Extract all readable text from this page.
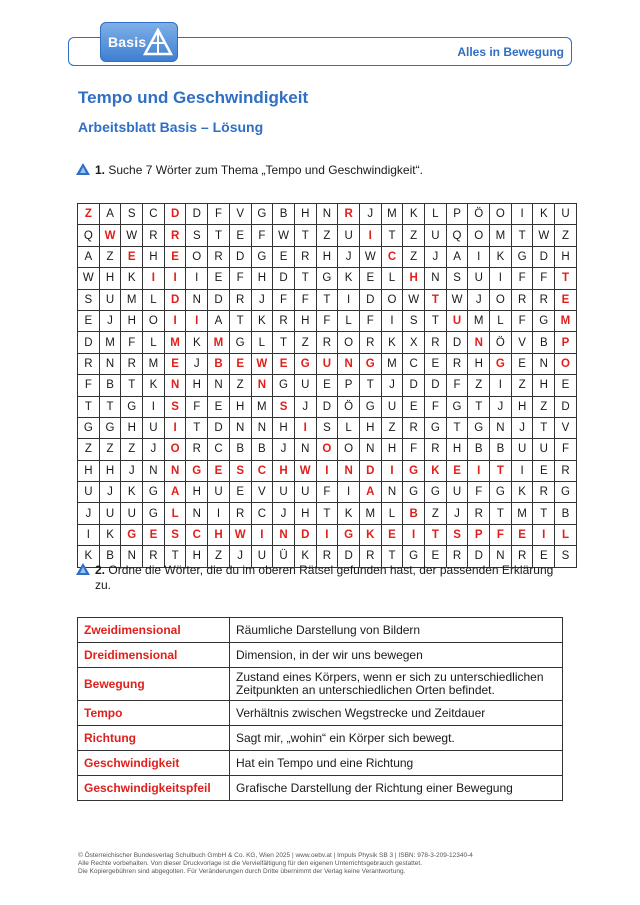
Basis
Alles in Bewegung
Tempo und Geschwindigkeit
Arbeitsblatt Basis – Lösung
1. Suche 7 Wörter zum Thema „Tempo und Geschwindigkeit“.
Z	A	S	C	D	D	F	V	G	B	H	N	R	J	M	K	L	P	Ö	O	I	K	U
Q	W	W	R	R	S	T	E	F	W	T	Z	U	I	T	Z	U	Q	O	M	T	W	Z
A	Z	E	H	E	O	R	D	G	E	R	H	J	W	C	Z	J	A	I	K	G	D	H
W	H	K	I	I	I	E	F	H	D	T	G	K	E	L	H	N	S	U	I	F	F	T
S	U	M	L	D	N	D	R	J	F	F	T	I	D	O	W	T	W	J	O	R	R	E
E	J	H	O	I	I	A	T	K	R	H	F	L	F	I	S	T	U	M	L	F	G	M
D	M	F	L	M	K	M	G	L	T	Z	R	O	R	K	X	R	D	N	Ö	V	B	P
R	N	R	M	E	J	B	E	W	E	G	U	N	G	M	C	E	R	H	G	E	N	O
F	B	T	K	N	H	N	Z	N	G	U	E	P	T	J	D	D	F	Z	I	Z	H	E
T	T	G	I	S	F	E	H	M	S	J	D	Ö	G	U	E	F	G	T	J	H	Z	D
G	G	H	U	I	T	D	N	N	H	I	S	L	H	Z	R	G	T	G	N	J	T	V
Z	Z	Z	J	O	R	C	B	B	J	N	O	O	N	H	F	R	H	B	B	U	U	F
H	H	J	N	N	G	E	S	C	H	W	I	N	D	I	G	K	E	I	T	I	E	R
U	J	K	G	A	H	U	E	V	U	U	F	I	A	N	G	G	U	F	G	K	R	G
J	U	U	G	L	N	I	R	C	J	H	T	K	M	L	B	Z	J	R	T	M	T	B
I	K	G	E	S	C	H	W	I	N	D	I	G	K	E	I	T	S	P	F	E	I	L
K	B	N	R	T	H	Z	J	U	Ü	K	R	D	R	T	G	E	R	D	N	R	E	S
2. Ordne die Wörter, die du im oberen Rätsel gefunden hast, der passenden Erklärung zu.
Zweidimensional	Räumliche Darstellung von Bildern
Dreidimensional	Dimension, in der wir uns bewegen
Bewegung	Zustand eines Körpers, wenn er sich zu unterschiedlichen Zeitpunkten an unterschiedlichen Orten befindet.
Tempo	Verhältnis zwischen Wegstrecke und Zeitdauer
Richtung	Sagt mir, „wohin“ ein Körper sich bewegt.
Geschwindigkeit	Hat ein Tempo und eine Richtung
Geschwindigkeitspfeil	Grafische Darstellung der Richtung einer Bewegung
© Österreichischer Bundesverlag Schulbuch GmbH & Co. KG, Wien 2025 | www.oebv.at | Impuls Physik SB 3 | ISBN: 978-3-209-12340-4
Alle Rechte vorbehalten. Von dieser Druckvorlage ist die Vervielfältigung für den eigenen Unterrichtsgebrauch gestattet.
Die Kopiergebühren sind abgegolten. Für Veränderungen durch Dritte übernimmt der Verlag keine Verantwortung.
